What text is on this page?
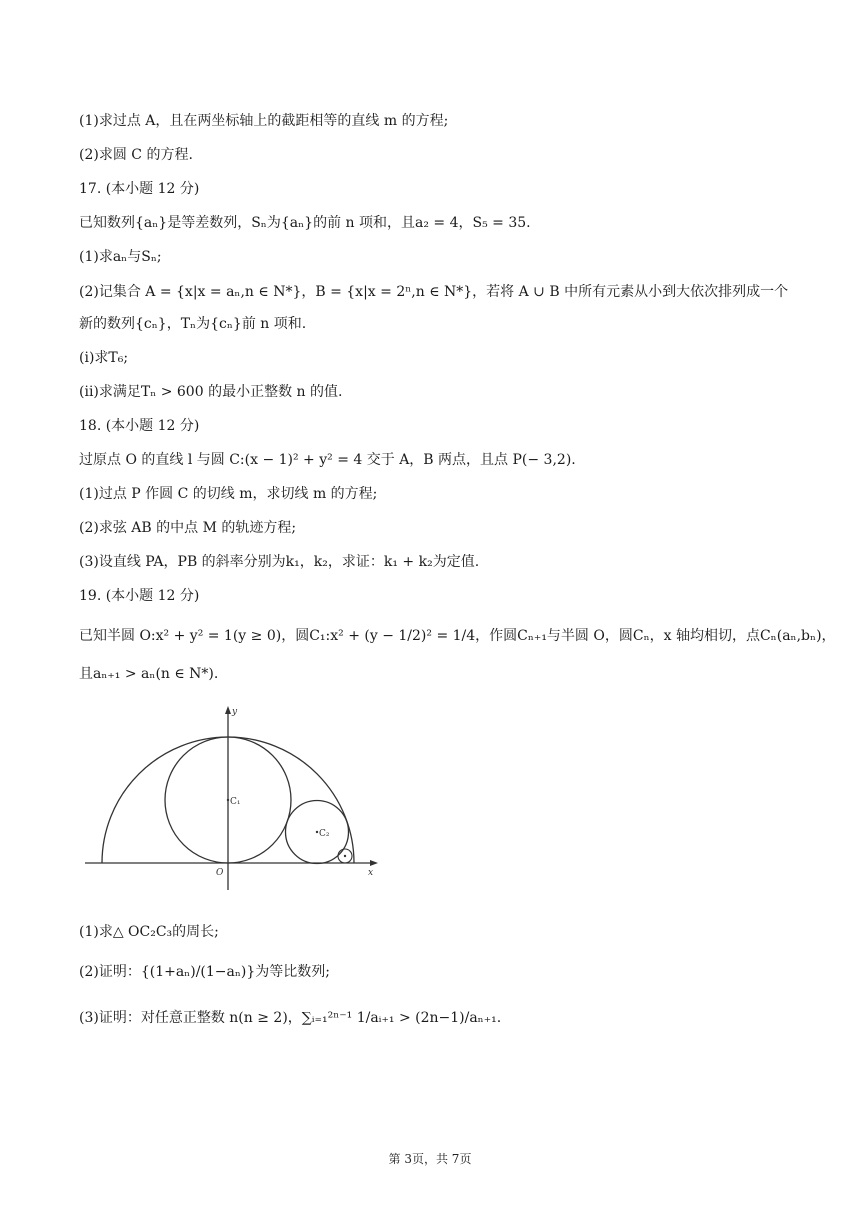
(1)求过点 A，且在两坐标轴上的截距相等的直线 m 的方程;
(2)求圆 C 的方程.
17. (本小题 12 分)
已知数列{aₙ}是等差数列，Sₙ为{aₙ}的前 n 项和，且a₂ = 4，S₅ = 35.
(1)求aₙ与Sₙ;
(2)记集合 A = {x|x = aₙ,n ∈ N*}，B = {x|x = 2ⁿ,n ∈ N*}，若将 A ∪ B 中所有元素从小到大依次排列成一个
新的数列{cₙ}，Tₙ为{cₙ}前 n 项和.
(ⅰ)求T₆;
(ⅱ)求满足Tₙ > 600 的最小正整数 n 的值.
18. (本小题 12 分)
过原点 O 的直线 l 与圆 C:(x − 1)² + y² = 4 交于 A，B 两点，且点 P(− 3,2).
(1)过点 P 作圆 C 的切线 m，求切线 m 的方程;
(2)求弦 AB 的中点 M 的轨迹方程;
(3)设直线 PA，PB 的斜率分别为k₁，k₂，求证：k₁ + k₂为定值.
19. (本小题 12 分)
已知半圆 O:x² + y² = 1(y ≥ 0)，圆C₁:x² + (y − 1/2)² = 1/4，作圆Cₙ₊₁与半圆 O，圆Cₙ，x 轴均相切，点Cₙ(aₙ,bₙ)，
且aₙ₊₁ > aₙ(n ∈ N*).
y
x
O
C₁
C₂
(1)求△ OC₂C₃的周长;
(2)证明：{(1+aₙ)/(1−aₙ)}为等比数列;
(3)证明：对任意正整数 n(n ≥ 2)，∑ᵢ₌₁²ⁿ⁻¹ 1/aᵢ₊₁ > (2n−1)/aₙ₊₁.
第 3页，共 7页
